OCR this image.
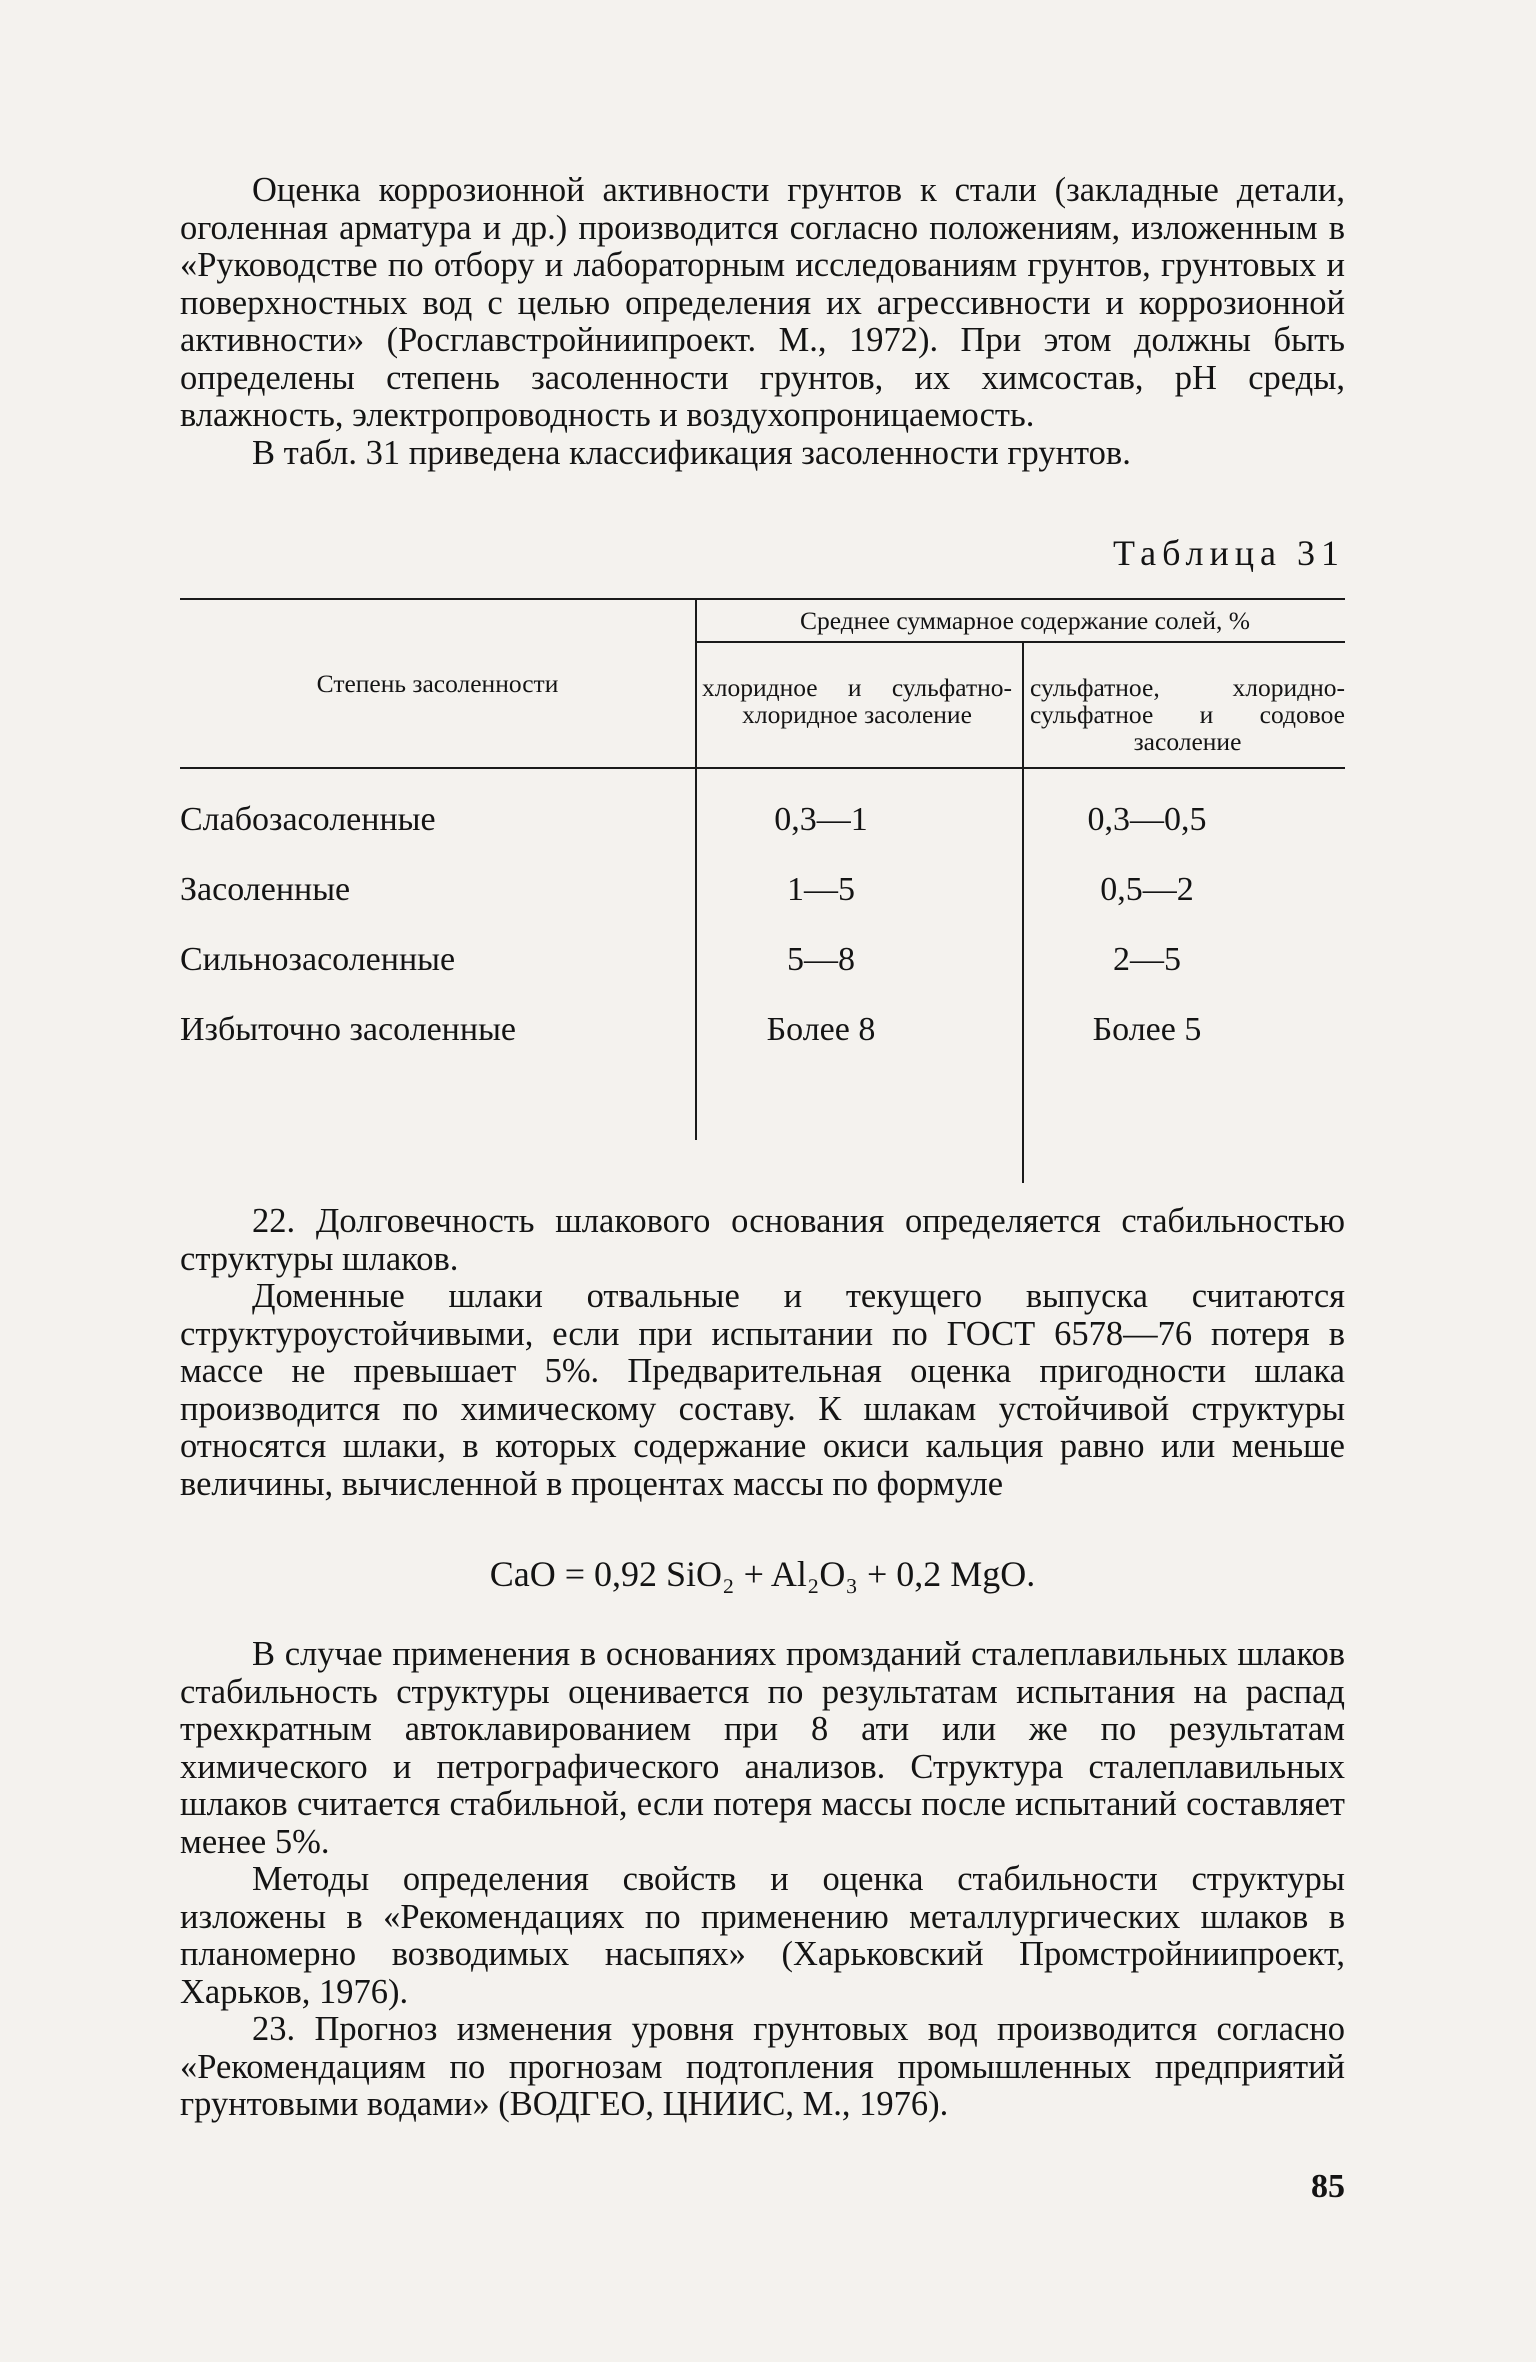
Оценка коррозионной активности грунтов к стали (закладные детали, оголенная арматура и др.) производится согласно положениям, изложенным в «Руководстве по отбору и лабораторным исследованиям грунтов, грунтовых и поверхностных вод с целью определения их агрессивности и коррозионной активности» (Росглавстройниипроект. М., 1972). При этом должны быть определены степень засоленности грунтов, их химсостав, pH среды, влажность, электропроводность и воздухопроницаемость.

В табл. 31 приведена классификация засоленности грунтов.

Таблица 31
Степень засоленности
Среднее суммарное содержание солей, %
хлоридное и сульфатно-хлоридное засоление
сульфатное, хлоридно-сульфатное и содовое засоление
Слабозасоленные	0,3—1	0,3—0,5
Засоленные	1—5	0,5—2
Сильнозасоленные	5—8	2—5
Избыточно засоленные	Более 8	Более 5

22. Долговечность шлакового основания определяется стабильностью структуры шлаков.

Доменные шлаки отвальные и текущего выпуска считаются структуроустойчивыми, если при испытании по ГОСТ 6578—76 потеря в массе не превышает 5%. Предварительная оценка пригодности шлака производится по химическому составу. К шлакам устойчивой структуры относятся шлаки, в которых содержание окиси кальция равно или меньше величины, вычисленной в процентах массы по формуле

CaO = 0,92 SiO₂ + Al₂O₃ + 0,2 MgO.

В случае применения в основаниях промзданий сталеплавильных шлаков стабильность структуры оценивается по результатам испытания на распад трехкратным автоклавированием при 8 ати или же по результатам химического и петрографического анализов. Структура сталеплавильных шлаков считается стабильной, если потеря массы после испытаний составляет менее 5%.

Методы определения свойств и оценка стабильности структуры изложены в «Рекомендациях по применению металлургических шлаков в планомерно возводимых насыпях» (Харьковский Промстройниипроект, Харьков, 1976).

23. Прогноз изменения уровня грунтовых вод производится согласно «Рекомендациям по прогнозам подтопления промышленных предприятий грунтовыми водами» (ВОДГЕО, ЦНИИС, М., 1976).

85
